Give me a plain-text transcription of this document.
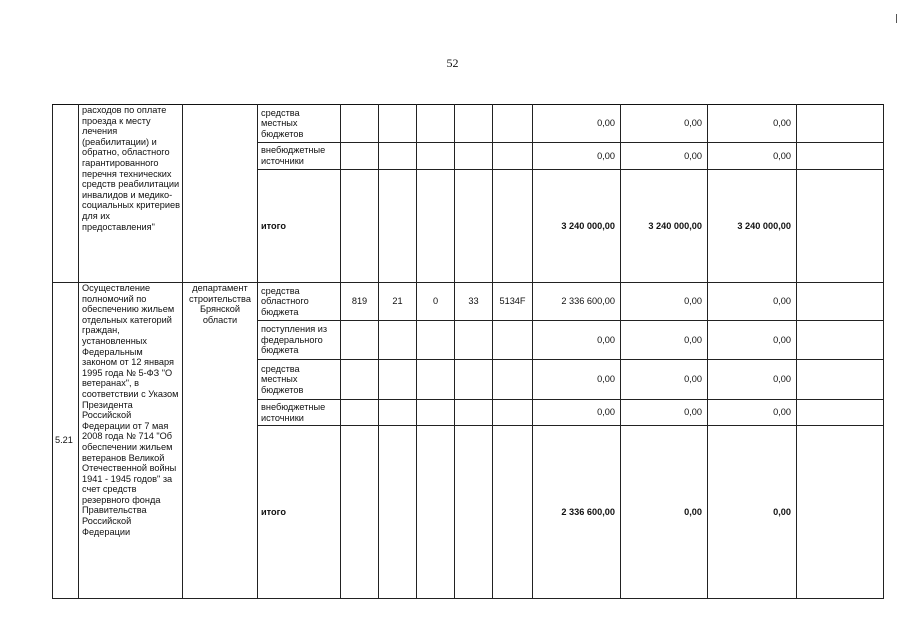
52
	расходов по оплате проезда к месту лечения (реабилитации) и обратно, областного гарантированного перечня технических средств реабилитации инвалидов и медико-социальных критериев для их предоставления"		средства местных бюджетов						0,00	0,00	0,00	
			внебюджетные источники						0,00	0,00	0,00	
			итого						3 240 000,00	3 240 000,00	3 240 000,00	
5.21	Осуществление полномочий по обеспечению жильем отдельных категорий граждан, установленных Федеральным законом от 12 января 1995 года № 5-ФЗ "О ветеранах", в соответствии с Указом Президента Российской Федерации от 7 мая 2008 года № 714 "Об обеспечении жильем ветеранов Великой Отечественной войны 1941 - 1945 годов" за счет средств резервного фонда Правительства Российской Федерации	департамент строительства Брянской области	средства областного бюджета	819	21	0	33	5134F	2 336 600,00	0,00	0,00	
			поступления из федерального бюджета						0,00	0,00	0,00	
			средства местных бюджетов						0,00	0,00	0,00	
			внебюджетные источники						0,00	0,00	0,00	
			итого						2 336 600,00	0,00	0,00	
